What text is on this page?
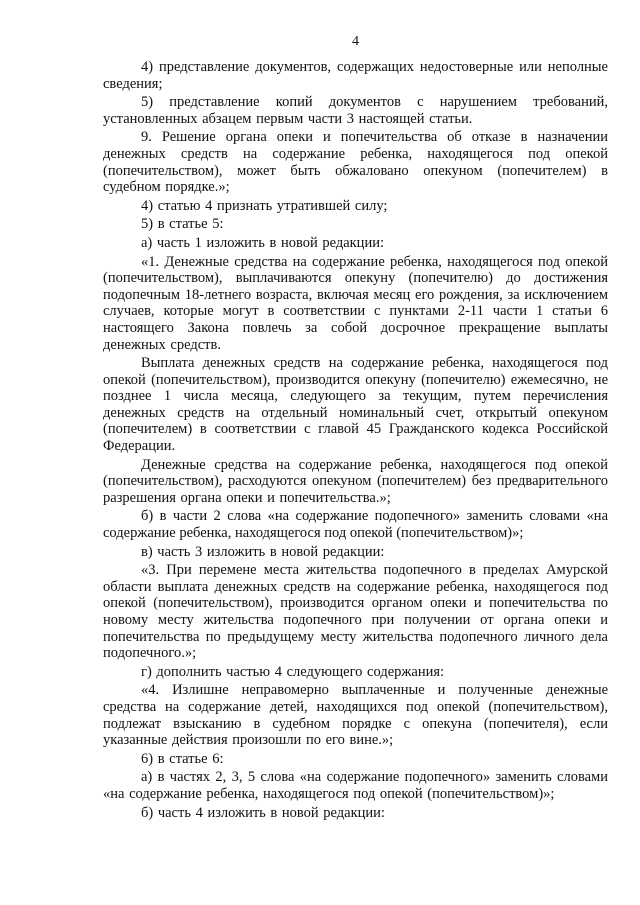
4

4) представление документов, содержащих недостоверные или неполные сведения;

5) представление копий документов с нарушением требований, установленных абзацем первым части 3 настоящей статьи.

9. Решение органа опеки и попечительства об отказе в назначении денежных средств на содержание ребенка, находящегося под опекой (попечительством), может быть обжаловано опекуном (попечителем) в судебном порядке.»;

4) статью 4 признать утратившей силу;

5) в статье 5:

а) часть 1 изложить в новой редакции:

«1. Денежные средства на содержание ребенка, находящегося под опекой (попечительством), выплачиваются опекуну (попечителю) до достижения подопечным 18-летнего возраста, включая месяц его рождения, за исключением случаев, которые могут в соответствии с пунктами 2-11 части 1 статьи 6 настоящего Закона повлечь за собой досрочное прекращение выплаты денежных средств.

Выплата денежных средств на содержание ребенка, находящегося под опекой (попечительством), производится опекуну (попечителю) ежемесячно, не позднее 1 числа месяца, следующего за текущим, путем перечисления денежных средств на отдельный номинальный счет, открытый опекуном (попечителем) в соответствии с главой 45 Гражданского кодекса Российской Федерации.

Денежные средства на содержание ребенка, находящегося под опекой (попечительством), расходуются опекуном (попечителем) без предварительного разрешения органа опеки и попечительства.»;

б) в части 2 слова «на содержание подопечного» заменить словами «на содержание ребенка, находящегося под опекой (попечительством)»;

в) часть 3 изложить в новой редакции:

«3. При перемене места жительства подопечного в пределах Амурской области выплата денежных средств на содержание ребенка, находящегося под опекой (попечительством), производится органом опеки и попечительства по новому месту жительства подопечного при получении от органа опеки и попечительства по предыдущему месту жительства подопечного личного дела подопечного.»;

г) дополнить частью 4 следующего содержания:

«4. Излишне неправомерно выплаченные и полученные денежные средства на содержание детей, находящихся под опекой (попечительством), подлежат взысканию в судебном порядке с опекуна (попечителя), если указанные действия произошли по его вине.»;

6) в статье 6:

а) в частях 2, 3, 5 слова «на содержание подопечного» заменить словами «на содержание ребенка, находящегося под опекой (попечительством)»;

б) часть 4 изложить в новой редакции:
